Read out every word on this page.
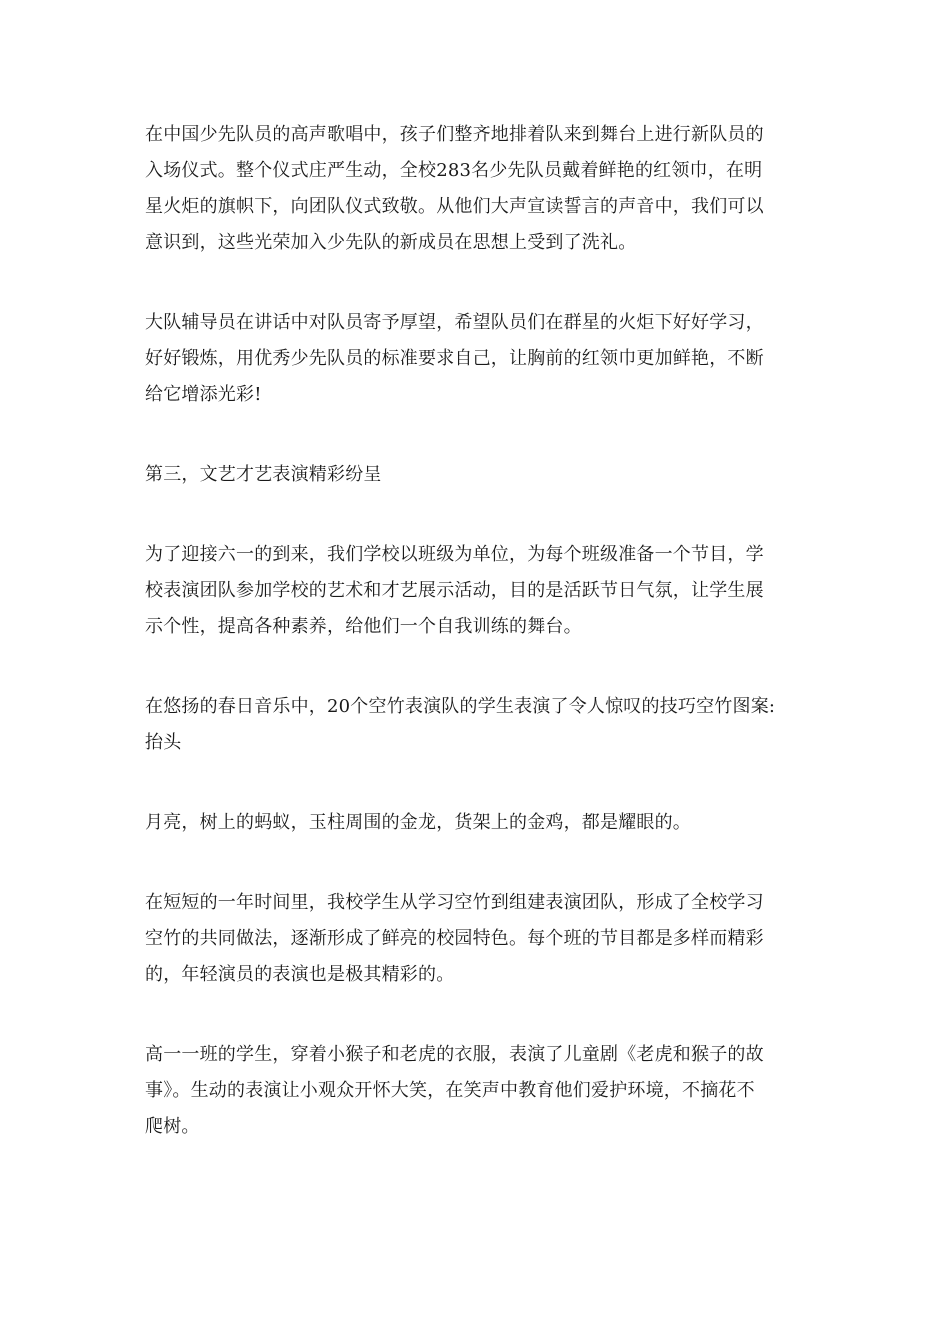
在中国少先队员的高声歌唱中，孩子们整齐地排着队来到舞台上进行新队员的
入场仪式。整个仪式庄严生动，全校283名少先队员戴着鲜艳的红领巾，在明
星火炬的旗帜下，向团队仪式致敬。从他们大声宣读誓言的声音中，我们可以
意识到，这些光荣加入少先队的新成员在思想上受到了洗礼。

大队辅导员在讲话中对队员寄予厚望，希望队员们在群星的火炬下好好学习，
好好锻炼，用优秀少先队员的标准要求自己，让胸前的红领巾更加鲜艳，不断
给它增添光彩!

第三，文艺才艺表演精彩纷呈

为了迎接六一的到来，我们学校以班级为单位，为每个班级准备一个节目，学
校表演团队参加学校的艺术和才艺展示活动，目的是活跃节日气氛，让学生展
示个性，提高各种素养，给他们一个自我训练的舞台。

在悠扬的春日音乐中，20个空竹表演队的学生表演了令人惊叹的技巧空竹图案:
抬头

月亮，树上的蚂蚁，玉柱周围的金龙，货架上的金鸡，都是耀眼的。

在短短的一年时间里，我校学生从学习空竹到组建表演团队，形成了全校学习
空竹的共同做法，逐渐形成了鲜亮的校园特色。每个班的节目都是多样而精彩
的，年轻演员的表演也是极其精彩的。

高一一班的学生，穿着小猴子和老虎的衣服，表演了儿童剧《老虎和猴子的故
事》。生动的表演让小观众开怀大笑，在笑声中教育他们爱护环境，不摘花不
爬树。
